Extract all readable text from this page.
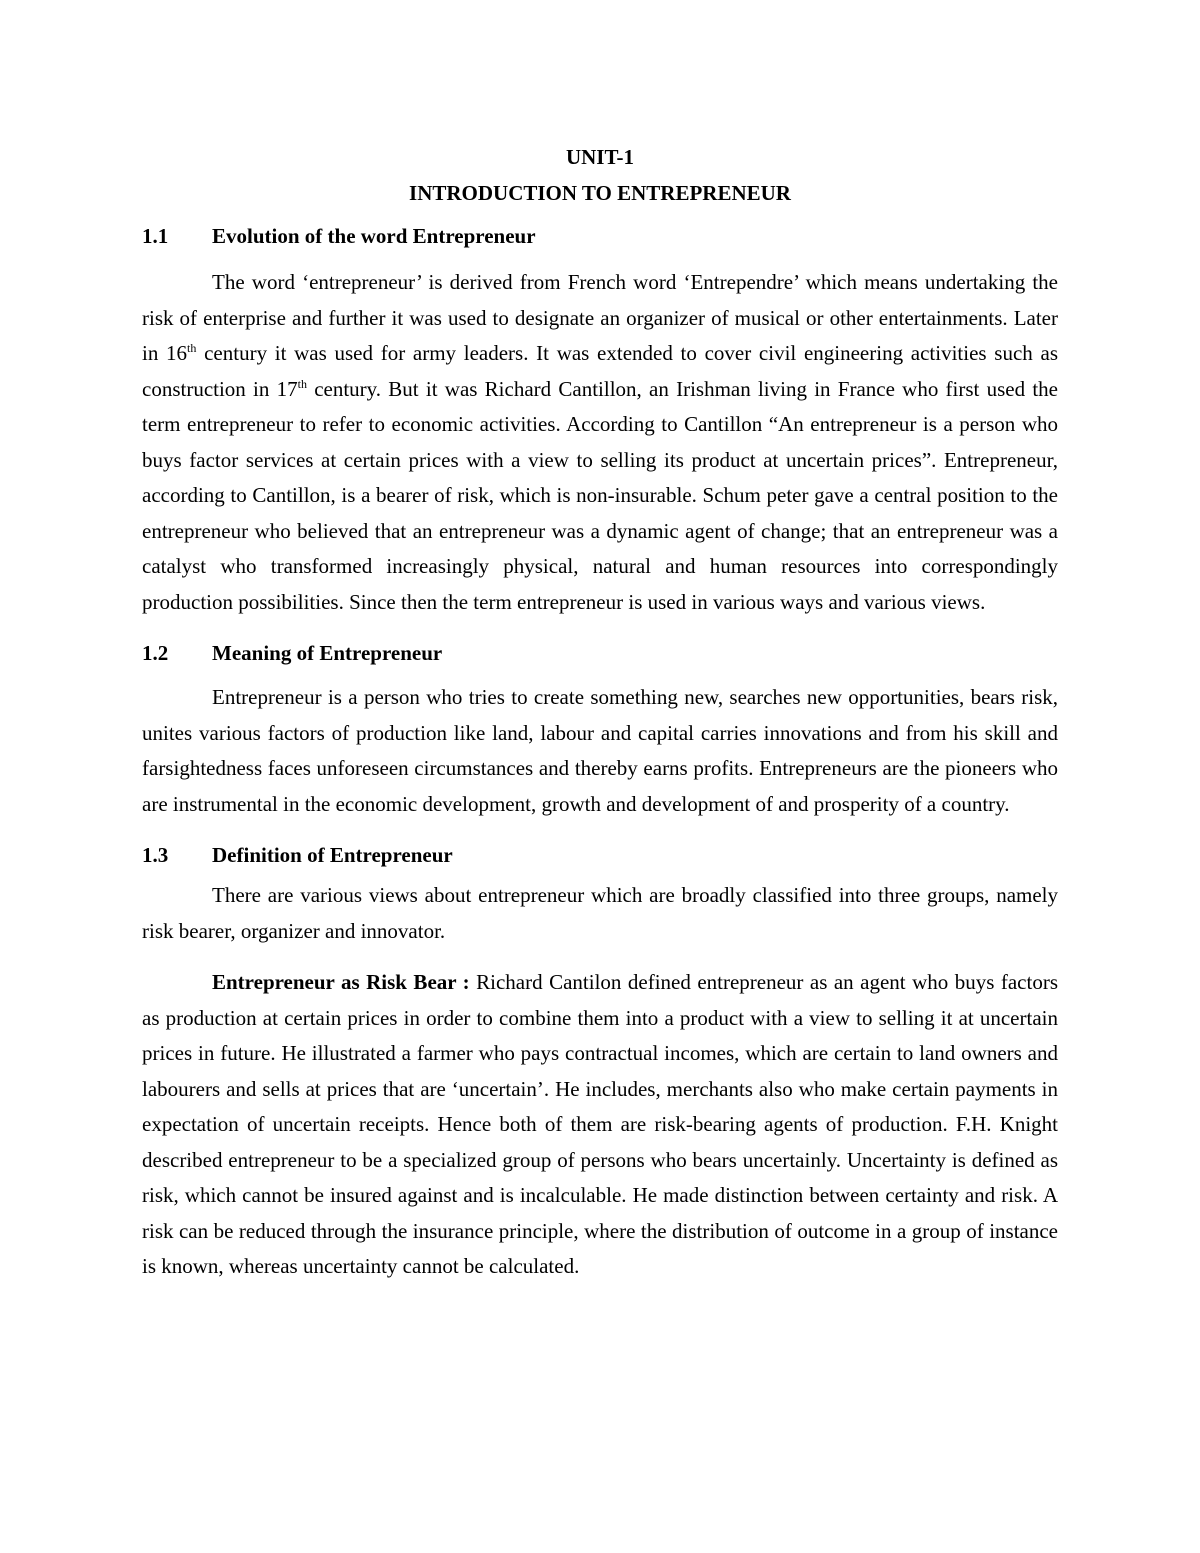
UNIT-1

INTRODUCTION TO ENTREPRENEUR

1.1	Evolution of the word Entrepreneur

The word ‘entrepreneur’ is derived from French word ‘Entrependre’ which means undertaking the risk of enterprise and further it was used to designate an organizer of musical or other entertainments. Later in 16th century it was used for army leaders. It was extended to cover civil engineering activities such as construction in 17th century. But it was Richard Cantillon, an Irishman living in France who first used the term entrepreneur to refer to economic activities. According to Cantillon “An entrepreneur is a person who buys factor services at certain prices with a view to selling its product at uncertain prices”. Entrepreneur, according to Cantillon, is a bearer of risk, which is non-insurable. Schum peter gave a central position to the entrepreneur who believed that an entrepreneur was a dynamic agent of change; that an entrepreneur was a catalyst who transformed increasingly physical, natural and human resources into correspondingly production possibilities. Since then the term entrepreneur is used in various ways and various views.

1.2	Meaning of Entrepreneur

Entrepreneur is a person who tries to create something new, searches new opportunities, bears risk, unites various factors of production like land, labour and capital carries innovations and from his skill and farsightedness faces unforeseen circumstances and thereby earns profits. Entrepreneurs are the pioneers who are instrumental in the economic development, growth and development of and prosperity of a country.

1.3	Definition of Entrepreneur

There are various views about entrepreneur which are broadly classified into three groups, namely risk bearer, organizer and innovator.

Entrepreneur as Risk Bear : Richard Cantilon defined entrepreneur as an agent who buys factors as production at certain prices in order to combine them into a product with a view to selling it at uncertain prices in future. He illustrated a farmer who pays contractual incomes, which are certain to land owners and labourers and sells at prices that are ‘uncertain’. He includes, merchants also who make certain payments in expectation of uncertain receipts. Hence both of them are risk-bearing agents of production. F.H. Knight described entrepreneur to be a specialized group of persons who bears uncertainly. Uncertainty is defined as risk, which cannot be insured against and is incalculable. He made distinction between certainty and risk. A risk can be reduced through the insurance principle, where the distribution of outcome in a group of instance is known, whereas uncertainty cannot be calculated.
